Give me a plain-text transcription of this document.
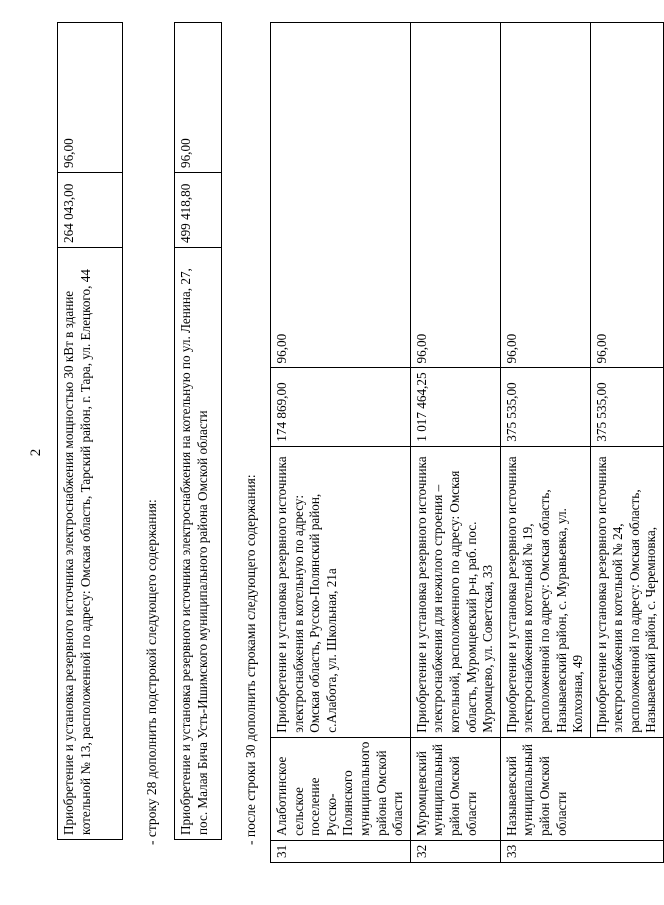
2 Приобретение и установка резервного источника электроснабжения мощностью 30 кВт в здание котельной № 13, расположенной по адресу: Омская область, Тарский район, г. Тара, ул. Елецкого, 44	264 043,00	96,00
- строку 28 дополнить подстрокой следующего содержания: Приобретение и установка резервного источника электроснабжения на котельную по ул. Ленина, 27, пос. Малая Бича Усть-Ишимского муниципального района Омской области	499 418,80	96,00
- после строки 30 дополнить строками следующего содержания:
31	Алаботинское сельское поселение Русско-Полянского муниципального района Омской области	Приобретение и установка резервного источника электроснабжения в котельную по адресу: Омская область, Русско-Полянский район, с.Алабота, ул. Школьная, 21а	174 869,00	96,00
32	Муромцевский муниципальный район Омской области	Приобретение и установка резервного источника электроснабжения для нежилого строения – котельной, расположенного по адресу: Омская область, Муромцевский р-н, раб. пос. Муромцево, ул. Советская, 33	1 017 464,25	96,00
33	Называевский муниципальный район Омской области	Приобретение и установка резервного источника электроснабжения в котельной № 19, расположенной по адресу: Омская область, Называевский район, с. Муравьевка, ул. Колхозная, 49	375 535,00	96,00
		Приобретение и установка резервного источника электроснабжения в котельной № 24, расположенной по адресу: Омская область, Называевский район, с. Черемновка,	375 535,00	96,00
